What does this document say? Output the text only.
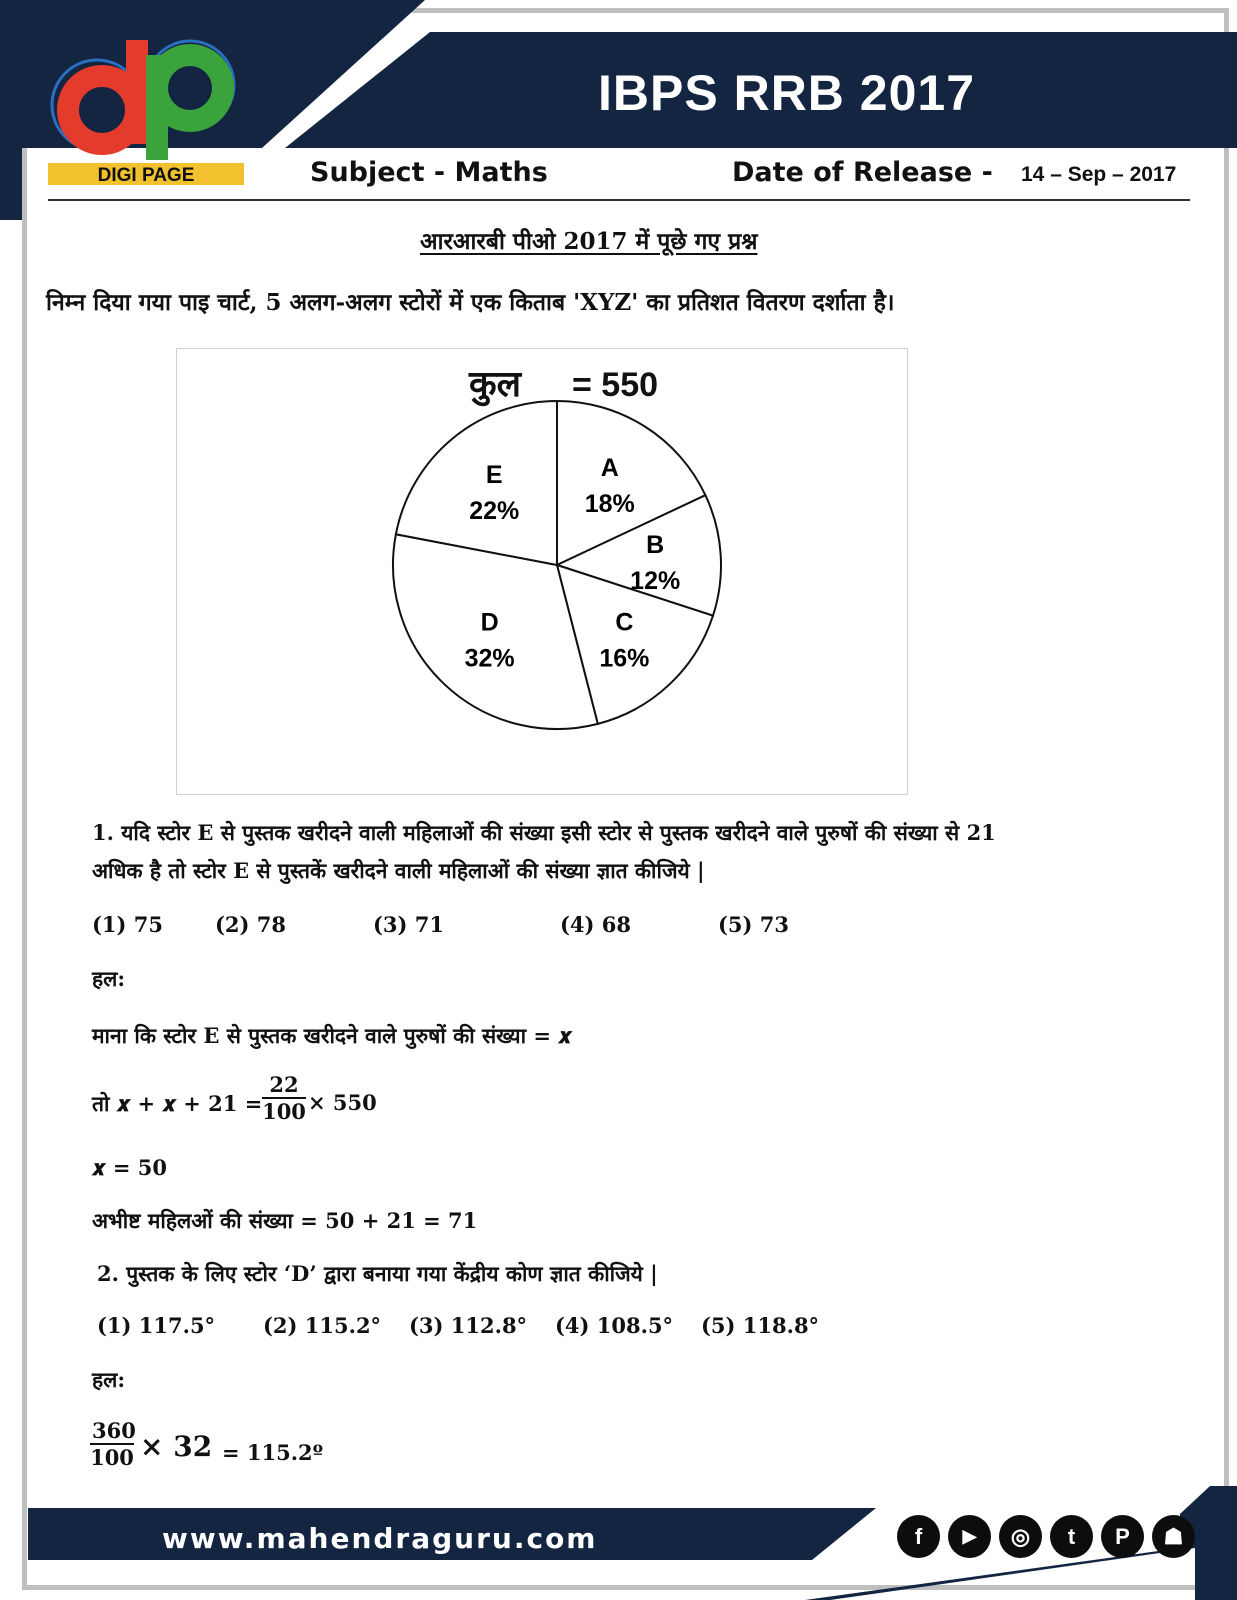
DIGI PAGE
IBPS RRB 2017
Subject - Maths	Date of Release - 14 – Sep – 2017
आरआरबी पीओ 2017 में पूछे गए प्रश्न
निम्न दिया गया पाइ चार्ट, 5 अलग-अलग स्टोरों में एक किताब 'XYZ' का प्रतिशत वितरण दर्शाता है।
कुल = 550
A
18%
B
12%
C
16%
D
32%
E
22%
1. यदि स्टोर E से पुस्तक खरीदने वाली महिलाओं की संख्या इसी स्टोर से पुस्तक खरीदने वाले पुरुषों की संख्या से 21
अधिक है तो स्टोर E से पुस्तकें खरीदने वाली महिलाओं की संख्या ज्ञात कीजिये |
(1) 75 (2) 78	(3) 71	(4) 68	(5) 73
हल:
माना कि स्टोर E से पुस्तक खरीदने वाले पुरुषों की संख्या = 𝒙
तो 𝒙 + 𝒙 + $21 = \frac{22}{100} \times 550$
𝒙 = 50
अभीष्ट महिलओं की संख्या = 50 + 21 = 71
2. पुस्तक के लिए स्टोर ‘D’ द्वारा बनाया गया केंद्रीय कोण ज्ञात कीजिये |
(1) 117.5° (2) 115.2° (3) 112.8° (4) 108.5° (5) 118.8°
हल:
$\frac{360}{100} \times 32$ = 115.2º
www.mahendraguru.com	f	▶	◎	t	P	☗
